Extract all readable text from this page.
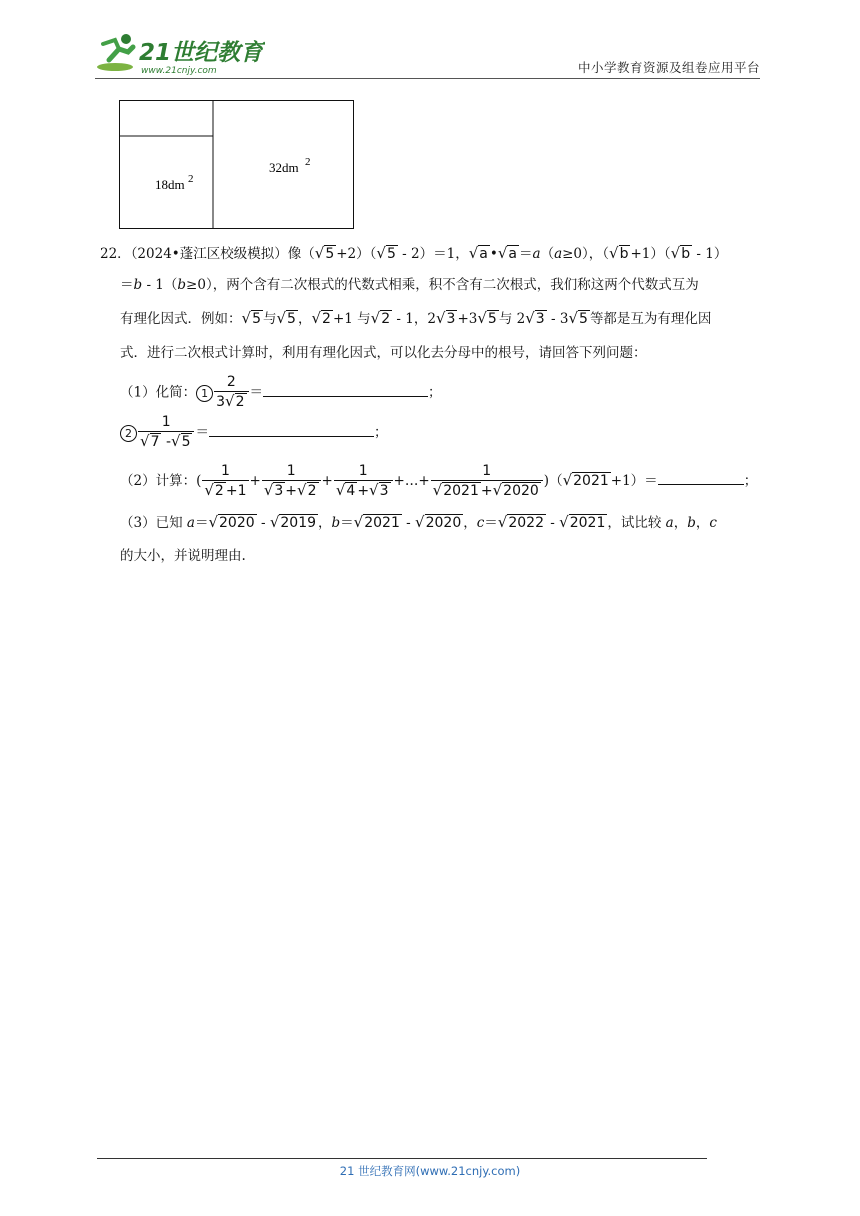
21世纪教育
www.21cnjy.com	中小学教育资源及组卷应用平台
18dm 2
32dm 2
22．（2024•蓬江区校级模拟）像（√5 +2）（√5 - 2）＝1，√a •√a ＝a（a≥0），（√b +1）（√b - 1）
＝b - 1（b≥0），两个含有二次根式的代数式相乘，积不含有二次根式，我们称这两个代数式互为
有理化因式．例如：√5 与√5 ，√2 +1 与√2 - 1，2√3 +3√5 与 2√3 - 3√5 等都是互为有理化因
式．进行二次根式计算时，利用有理化因式，可以化去分母中的根号，请回答下列问题：
（1）化简： $1 \frac{2}{3√2}$ ＝	；
$2 \frac{1}{√7 -√5}$ ＝	；
（2）计算：( $\frac{1}{√2 +1} + \frac{1}{√3 +√2} + \frac{1}{√4 +√3}$ +…+ $\frac{1}{√2021 +√2020} )(√2021 +1)=$	；
（3）已知 a＝√2020 - √2019 ，b＝√2021 - √2020 ，c＝√2022 - √2021 ，试比较 a，b，c
的大小，并说明理由.
21 世纪教育网(www.21cnjy.com)
